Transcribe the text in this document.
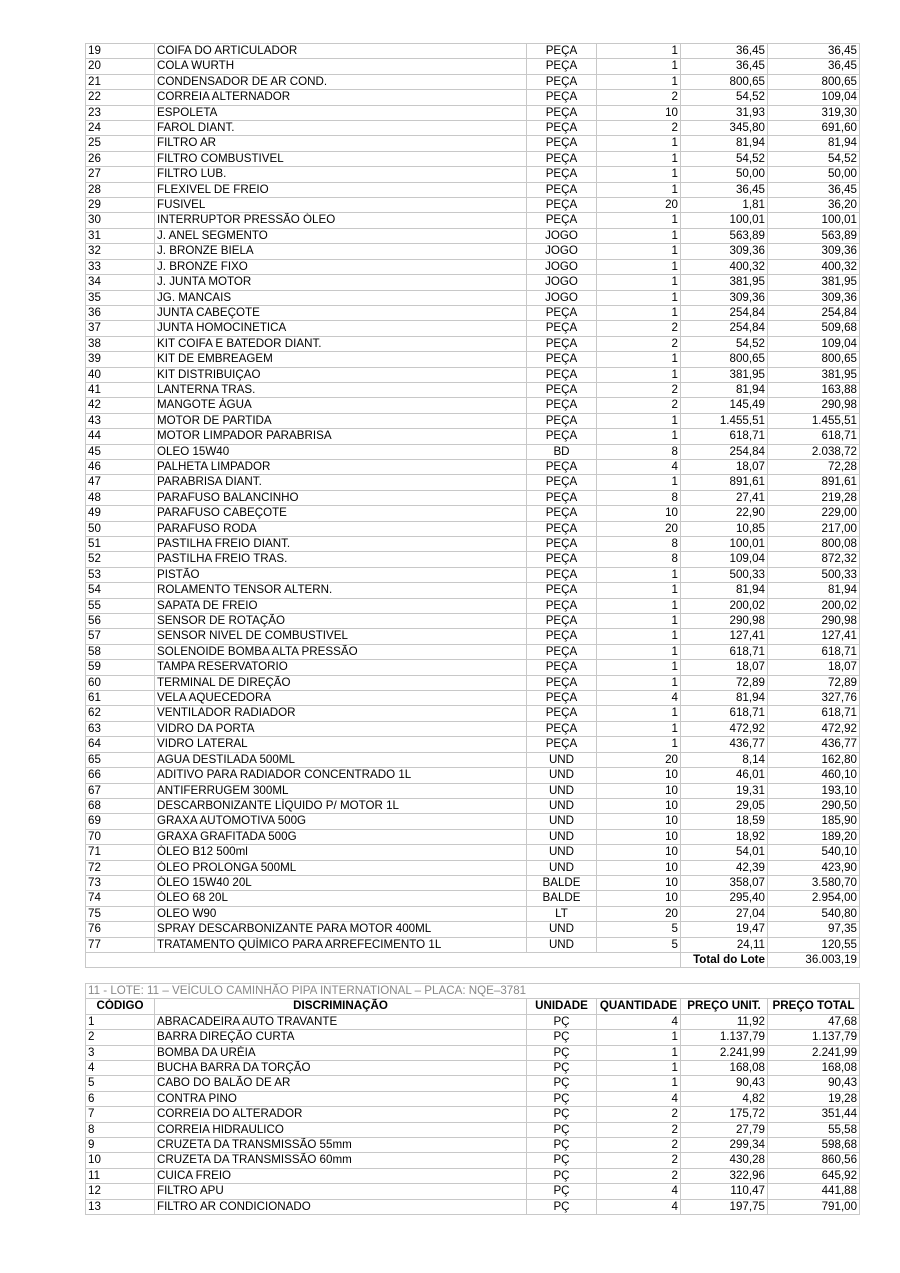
19	COIFA DO ARTICULADOR	PEÇA	1	36,45	36,45
20	COLA WURTH	PEÇA	1	36,45	36,45
21	CONDENSADOR DE AR COND.	PEÇA	1	800,65	800,65
22	CORREIA ALTERNADOR	PEÇA	2	54,52	109,04
23	ESPOLETA	PEÇA	10	31,93	319,30
24	FAROL DIANT.	PEÇA	2	345,80	691,60
25	FILTRO AR	PEÇA	1	81,94	81,94
26	FILTRO COMBUSTIVEL	PEÇA	1	54,52	54,52
27	FILTRO LUB.	PEÇA	1	50,00	50,00
28	FLEXIVEL DE FREIO	PEÇA	1	36,45	36,45
29	FUSIVEL	PEÇA	20	1,81	36,20
30	INTERRUPTOR PRESSÃO ÓLEO	PEÇA	1	100,01	100,01
31	J. ANEL SEGMENTO	JOGO	1	563,89	563,89
32	J. BRONZE BIELA	JOGO	1	309,36	309,36
33	J. BRONZE FIXO	JOGO	1	400,32	400,32
34	J. JUNTA MOTOR	JOGO	1	381,95	381,95
35	JG. MANCAIS	JOGO	1	309,36	309,36
36	JUNTA CABEÇOTE	PEÇA	1	254,84	254,84
37	JUNTA HOMOCINETICA	PEÇA	2	254,84	509,68
38	KIT COIFA E BATEDOR DIANT.	PEÇA	2	54,52	109,04
39	KIT DE EMBREAGEM	PEÇA	1	800,65	800,65
40	KIT DISTRIBUIÇAO	PEÇA	1	381,95	381,95
41	LANTERNA TRAS.	PEÇA	2	81,94	163,88
42	MANGOTE ÁGUA	PEÇA	2	145,49	290,98
43	MOTOR DE PARTIDA	PEÇA	1	1.455,51	1.455,51
44	MOTOR LIMPADOR PARABRISA	PEÇA	1	618,71	618,71
45	OLEO 15W40	BD	8	254,84	2.038,72
46	PALHETA LIMPADOR	PEÇA	4	18,07	72,28
47	PARABRISA DIANT.	PEÇA	1	891,61	891,61
48	PARAFUSO BALANCINHO	PEÇA	8	27,41	219,28
49	PARAFUSO CABEÇOTE	PEÇA	10	22,90	229,00
50	PARAFUSO RODA	PEÇA	20	10,85	217,00
51	PASTILHA FREIO DIANT.	PEÇA	8	100,01	800,08
52	PASTILHA FREIO TRAS.	PEÇA	8	109,04	872,32
53	PISTÃO	PEÇA	1	500,33	500,33
54	ROLAMENTO TENSOR ALTERN.	PEÇA	1	81,94	81,94
55	SAPATA DE FREIO	PEÇA	1	200,02	200,02
56	SENSOR DE ROTAÇÃO	PEÇA	1	290,98	290,98
57	SENSOR NIVEL DE COMBUSTIVEL	PEÇA	1	127,41	127,41
58	SOLENOIDE BOMBA ALTA PRESSÃO	PEÇA	1	618,71	618,71
59	TAMPA RESERVATORIO	PEÇA	1	18,07	18,07
60	TERMINAL DE DIREÇÃO	PEÇA	1	72,89	72,89
61	VELA AQUECEDORA	PEÇA	4	81,94	327,76
62	VENTILADOR RADIADOR	PEÇA	1	618,71	618,71
63	VIDRO DA PORTA	PEÇA	1	472,92	472,92
64	VIDRO LATERAL	PEÇA	1	436,77	436,77
65	AGUA DESTILADA 500ML	UND	20	8,14	162,80
66	ADITIVO PARA RADIADOR CONCENTRADO 1L	UND	10	46,01	460,10
67	ANTIFERRUGEM 300ML	UND	10	19,31	193,10
68	DESCARBONIZANTE LÍQUIDO P/ MOTOR 1L	UND	10	29,05	290,50
69	GRAXA AUTOMOTIVA 500G	UND	10	18,59	185,90
70	GRAXA GRAFITADA 500G	UND	10	18,92	189,20
71	ÓLEO B12 500ml	UND	10	54,01	540,10
72	ÓLEO PROLONGA 500ML	UND	10	42,39	423,90
73	ÓLEO 15W40 20L	BALDE	10	358,07	3.580,70
74	ÓLEO 68 20L	BALDE	10	295,40	2.954,00
75	OLEO W90	LT	20	27,04	540,80
76	SPRAY DESCARBONIZANTE PARA MOTOR 400ML	UND	5	19,47	97,35
77	TRATAMENTO QUÍMICO PARA ARREFECIMENTO 1L	UND	5	24,11	120,55
				Total do Lote	36.003,19
11 - LOTE: 11 – VEÍCULO CAMINHÃO PIPA INTERNATIONAL – PLACA: NQE–3781					
CÓDIGO	DISCRIMINAÇÃO	UNIDADE	QUANTIDADE	PREÇO UNIT.	PREÇO TOTAL
1	ABRACADEIRA AUTO TRAVANTE	PÇ	4	11,92	47,68
2	BARRA DIREÇÃO CURTA	PÇ	1	1.137,79	1.137,79
3	BOMBA DA URÉIA	PÇ	1	2.241,99	2.241,99
4	BUCHA BARRA DA TORÇÃO	PÇ	1	168,08	168,08
5	CABO DO BALÃO DE AR	PÇ	1	90,43	90,43
6	CONTRA PINO	PÇ	4	4,82	19,28
7	CORREIA DO ALTERADOR	PÇ	2	175,72	351,44
8	CORREIA HIDRAULICO	PÇ	2	27,79	55,58
9	CRUZETA DA TRANSMISSÃO 55mm	PÇ	2	299,34	598,68
10	CRUZETA DA TRANSMISSÃO 60mm	PÇ	2	430,28	860,56
11	CUICA FREIO	PÇ	2	322,96	645,92
12	FILTRO APU	PÇ	4	110,47	441,88
13	FILTRO AR CONDICIONADO	PÇ	4	197,75	791,00
